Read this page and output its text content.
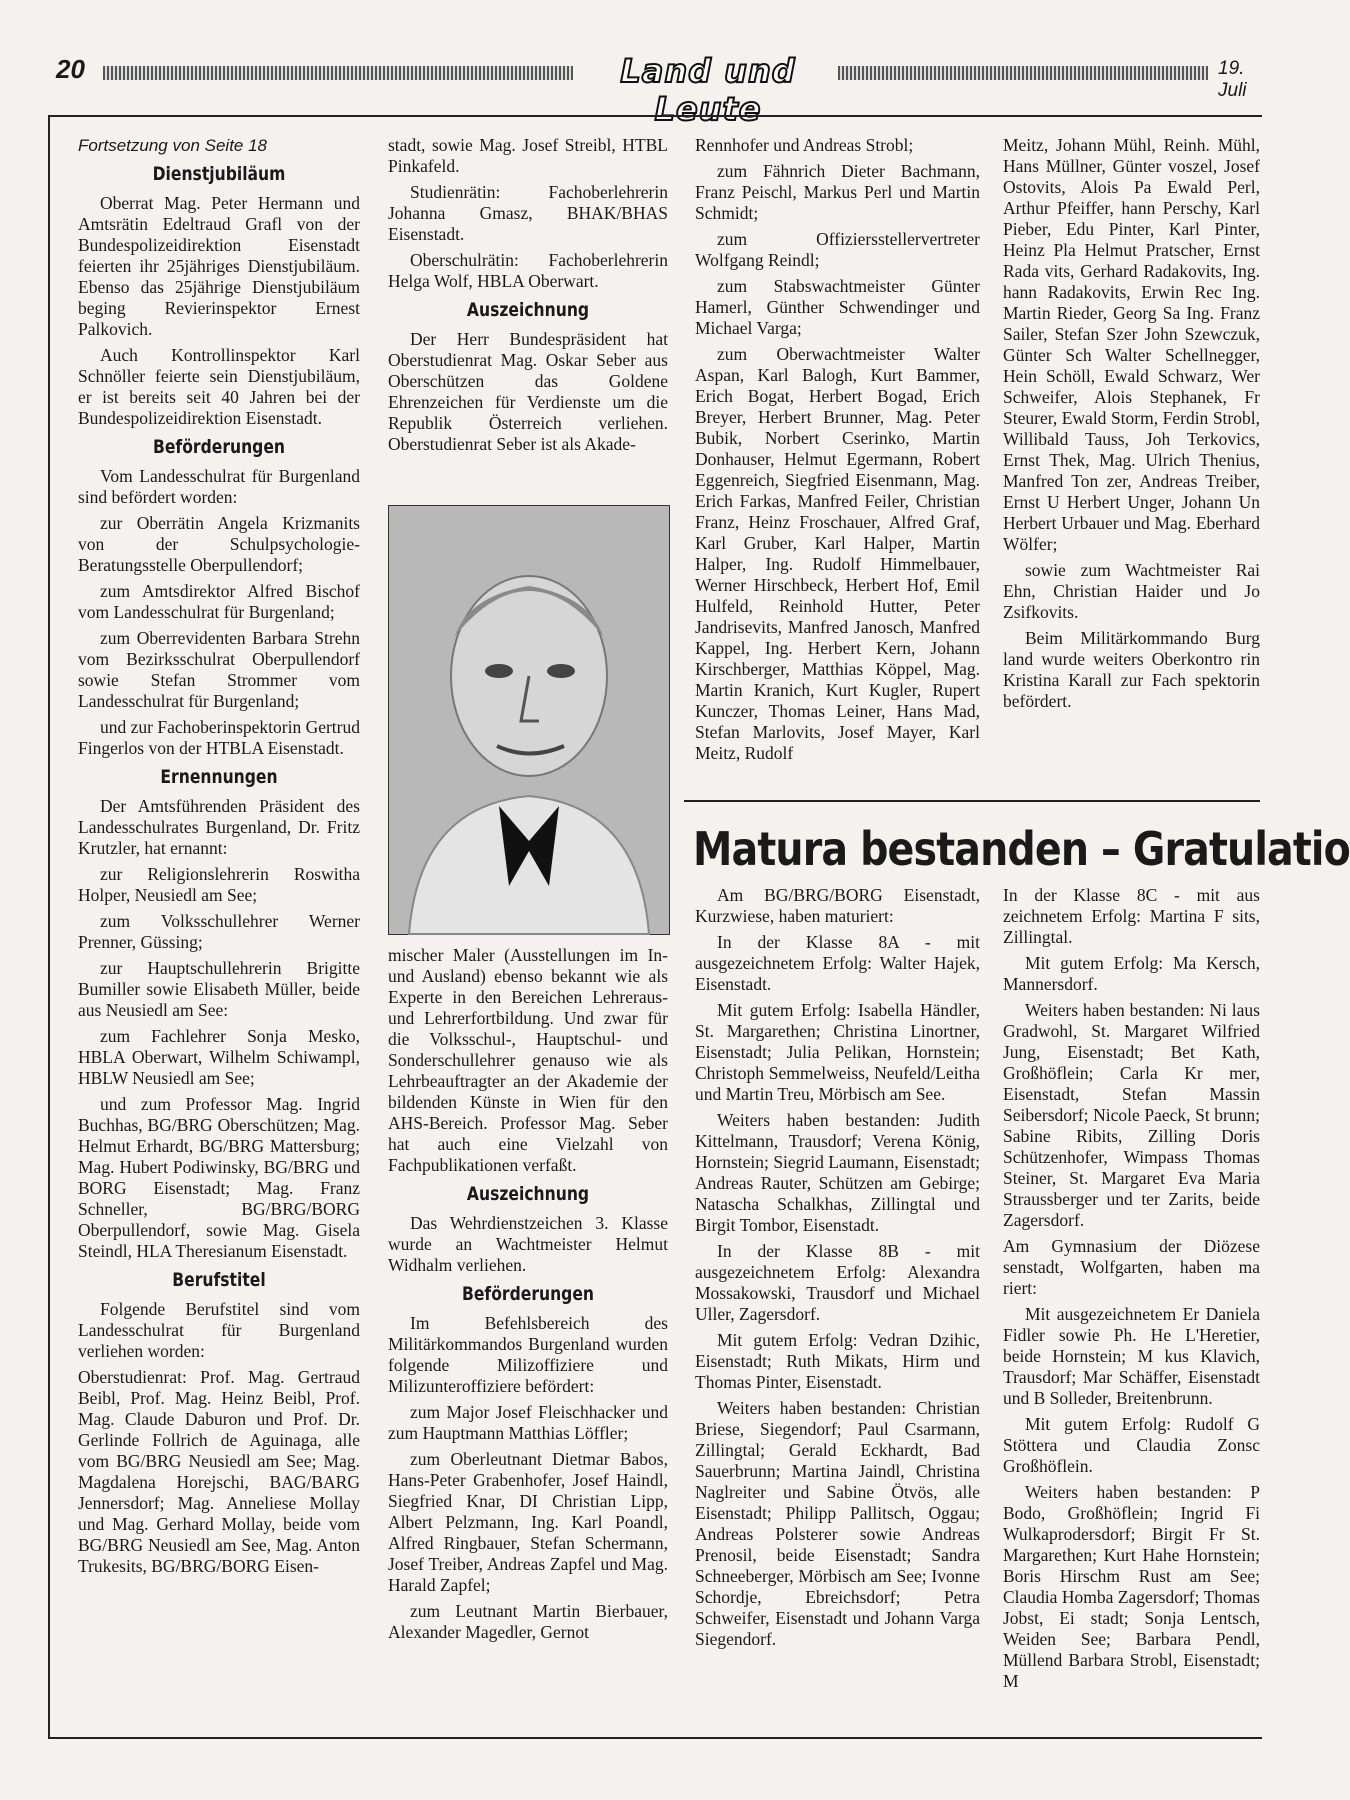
20	Land und Leute
19. Juli
Fortsetzung von Seite 18
Dienstjubiläum

Oberrat Mag. Peter Hermann und Amtsrätin Edeltraud Grafl von der Bundespolizeidirektion Eisenstadt feierten ihr 25jähriges Dienstjubiläum. Ebenso das 25jährige Dienstjubiläum beging Revierinspektor Ernest Palkovich.

Auch Kontrollinspektor Karl Schnöller feierte sein Dienstjubiläum, er ist bereits seit 40 Jahren bei der Bundespolizeidirektion Eisenstadt.

Beförderungen

Vom Landesschulrat für Burgenland sind befördert worden:

zur Oberrätin Angela Krizmanits von der Schulpsychologie-Beratungsstelle Oberpullendorf;

zum Amtsdirektor Alfred Bischof vom Landesschulrat für Burgenland;

zum Oberrevidenten Barbara Strehn vom Bezirksschulrat Oberpullendorf sowie Stefan Strommer vom Landesschulrat für Burgenland;

und zur Fachoberinspektorin Gertrud Fingerlos von der HTBLA Eisenstadt.

Ernennungen

Der Amtsführenden Präsident des Landesschulrates Burgenland, Dr. Fritz Krutzler, hat ernannt:

zur Religionslehrerin Roswitha Holper, Neusiedl am See;

zum Volksschullehrer Werner Prenner, Güssing;

zur Hauptschullehrerin Brigitte Bumiller sowie Elisabeth Müller, beide aus Neusiedl am See:

zum Fachlehrer Sonja Mesko, HBLA Oberwart, Wilhelm Schiwampl, HBLW Neusiedl am See;

und zum Professor Mag. Ingrid Buchhas, BG/BRG Oberschützen; Mag. Helmut Erhardt, BG/BRG Mattersburg; Mag. Hubert Podiwinsky, BG/BRG und BORG Eisenstadt; Mag. Franz Schneller, BG/BRG/BORG Oberpullendorf, sowie Mag. Gisela Steindl, HLA Theresianum Eisenstadt.

Berufstitel

Folgende Berufstitel sind vom Landesschulrat für Burgenland verliehen worden:

Oberstudienrat: Prof. Mag. Gertraud Beibl, Prof. Mag. Heinz Beibl, Prof. Mag. Claude Daburon und Prof. Dr. Gerlinde Follrich de Aguinaga, alle vom BG/BRG Neusiedl am See; Mag. Magdalena Horejschi, BAG/BARG Jennersdorf; Mag. Anneliese Mollay und Mag. Gerhard Mollay, beide vom BG/BRG Neusiedl am See, Mag. Anton Trukesits, BG/BRG/BORG Eisen-

stadt, sowie Mag. Josef Streibl, HTBL Pinkafeld.

Studienrätin: Fachoberlehrerin Johanna Gmasz, BHAK/BHAS Eisenstadt.

Oberschulrätin: Fachoberlehrerin Helga Wolf, HBLA Oberwart.

Auszeichnung

Der Herr Bundespräsident hat Oberstudienrat Mag. Oskar Seber aus Oberschützen das Goldene Ehrenzeichen für Verdienste um die Republik Österreich verliehen. Oberstudienrat Seber ist als Akade-

mischer Maler (Ausstellungen im In- und Ausland) ebenso bekannt wie als Experte in den Bereichen Lehreraus- und Lehrerfortbildung. Und zwar für die Volksschul-, Hauptschul- und Sonderschullehrer genauso wie als Lehrbeauftragter an der Akademie der bildenden Künste in Wien für den AHS-Bereich. Professor Mag. Seber hat auch eine Vielzahl von Fachpublikationen verfaßt.

Auszeichnung

Das Wehrdienstzeichen 3. Klasse wurde an Wachtmeister Helmut Widhalm verliehen.

Beförderungen

Im Befehlsbereich des Militärkommandos Burgenland wurden folgende Milizoffiziere und Milizunteroffiziere befördert:

zum Major Josef Fleischhacker und zum Hauptmann Matthias Löffler;

zum Oberleutnant Dietmar Babos, Hans-Peter Grabenhofer, Josef Haindl, Siegfried Knar, DI Christian Lipp, Albert Pelzmann, Ing. Karl Poandl, Alfred Ringbauer, Stefan Schermann, Josef Treiber, Andreas Zapfel und Mag. Harald Zapfel;

zum Leutnant Martin Bierbauer, Alexander Magedler, Gernot

Rennhofer und Andreas Strobl;

zum Fähnrich Dieter Bachmann, Franz Peischl, Markus Perl und Martin Schmidt;

zum Offiziersstellervertreter Wolfgang Reindl;

zum Stabswachtmeister Günter Hamerl, Günther Schwendinger und Michael Varga;

zum Oberwachtmeister Walter Aspan, Karl Balogh, Kurt Bammer, Erich Bogat, Herbert Bogad, Erich Breyer, Herbert Brunner, Mag. Peter Bubik, Norbert Cserinko, Martin Donhauser, Helmut Egermann, Robert Eggenreich, Siegfried Eisenmann, Mag. Erich Farkas, Manfred Feiler, Christian Franz, Heinz Froschauer, Alfred Graf, Karl Gruber, Karl Halper, Martin Halper, Ing. Rudolf Himmelbauer, Werner Hirschbeck, Herbert Hof, Emil Hulfeld, Reinhold Hutter, Peter Jandrisevits, Manfred Janosch, Manfred Kappel, Ing. Herbert Kern, Johann Kirschberger, Matthias Köppel, Mag. Martin Kranich, Kurt Kugler, Rupert Kunczer, Thomas Leiner, Hans Mad, Stefan Marlovits, Josef Mayer, Karl Meitz, Rudolf

Meitz, Johann Mühl, Reinh. Mühl, Hans Müllner, Günter voszel, Josef Ostovits, Alois Pa Ewald Perl, Arthur Pfeiffer, hann Perschy, Karl Pieber, Edu Pinter, Karl Pinter, Heinz Pla Helmut Pratscher, Ernst Rada vits, Gerhard Radakovits, Ing. hann Radakovits, Erwin Rec Ing. Martin Rieder, Georg Sa Ing. Franz Sailer, Stefan Szer John Szewczuk, Günter Sch Walter Schellnegger, Hein Schöll, Ewald Schwarz, Wer Schweifer, Alois Stephanek, Fr Steurer, Ewald Storm, Ferdin Strobl, Willibald Tauss, Joh Terkovics, Ernst Thek, Mag. Ulrich Thenius, Manfred Ton zer, Andreas Treiber, Ernst U Herbert Unger, Johann Un Herbert Urbauer und Mag. Eberhard Wölfer;

sowie zum Wachtmeister Rai Ehn, Christian Haider und Jo Zsifkovits.

Beim Militärkommando Burg land wurde weiters Oberkontro rin Kristina Karall zur Fach spektorin befördert.

Matura bestanden – Gratulatio

Am BG/BRG/BORG Eisenstadt, Kurzwiese, haben maturiert:

In der Klasse 8A - mit ausgezeichnetem Erfolg: Walter Hajek, Eisenstadt.

Mit gutem Erfolg: Isabella Händler, St. Margarethen; Christina Linortner, Eisenstadt; Julia Pelikan, Hornstein; Christoph Semmelweiss, Neufeld/Leitha und Martin Treu, Mörbisch am See.

Weiters haben bestanden: Judith Kittelmann, Trausdorf; Verena König, Hornstein; Siegrid Laumann, Eisenstadt; Andreas Rauter, Schützen am Gebirge; Natascha Schalkhas, Zillingtal und Birgit Tombor, Eisenstadt.

In der Klasse 8B - mit ausgezeichnetem Erfolg: Alexandra Mossakowski, Trausdorf und Michael Uller, Zagersdorf.

Mit gutem Erfolg: Vedran Dzihic, Eisenstadt; Ruth Mikats, Hirm und Thomas Pinter, Eisenstadt.

Weiters haben bestanden: Christian Briese, Siegendorf; Paul Csarmann, Zillingtal; Gerald Eckhardt, Bad Sauerbrunn; Martina Jaindl, Christina Naglreiter und Sabine Ötvös, alle Eisenstadt; Philipp Pallitsch, Oggau; Andreas Polsterer sowie Andreas Prenosil, beide Eisenstadt; Sandra Schneeberger, Mörbisch am See; Ivonne Schordje, Ebreichsdorf; Petra Schweifer, Eisenstadt und Johann Varga Siegendorf.

In der Klasse 8C - mit aus zeichnetem Erfolg: Martina F sits, Zillingtal.

Mit gutem Erfolg: Ma Kersch, Mannersdorf.

Weiters haben bestanden: Ni laus Gradwohl, St. Margaret Wilfried Jung, Eisenstadt; Bet Kath, Großhöflein; Carla Kr mer, Eisenstadt, Stefan Massin Seibersdorf; Nicole Paeck, St brunn; Sabine Ribits, Zilling Doris Schützenhofer, Wimpass Thomas Steiner, St. Margaret Eva Maria Straussberger und ter Zarits, beide Zagersdorf.

Am Gymnasium der Diözese senstadt, Wolfgarten, haben ma riert:

Mit ausgezeichnetem Er Daniela Fidler sowie Ph. He L'Heretier, beide Hornstein; M kus Klavich, Trausdorf; Mar Schäffer, Eisenstadt und B Solleder, Breitenbrunn.

Mit gutem Erfolg: Rudolf G Stöttera und Claudia Zonsc Großhöflein.

Weiters haben bestanden: P Bodo, Großhöflein; Ingrid Fi Wulkaprodersdorf; Birgit Fr St. Margarethen; Kurt Hahe Hornstein; Boris Hirschm Rust am See; Claudia Homba Zagersdorf; Thomas Jobst, Ei stadt; Sonja Lentsch, Weiden See; Barbara Pendl, Müllend Barbara Strobl, Eisenstadt; M
